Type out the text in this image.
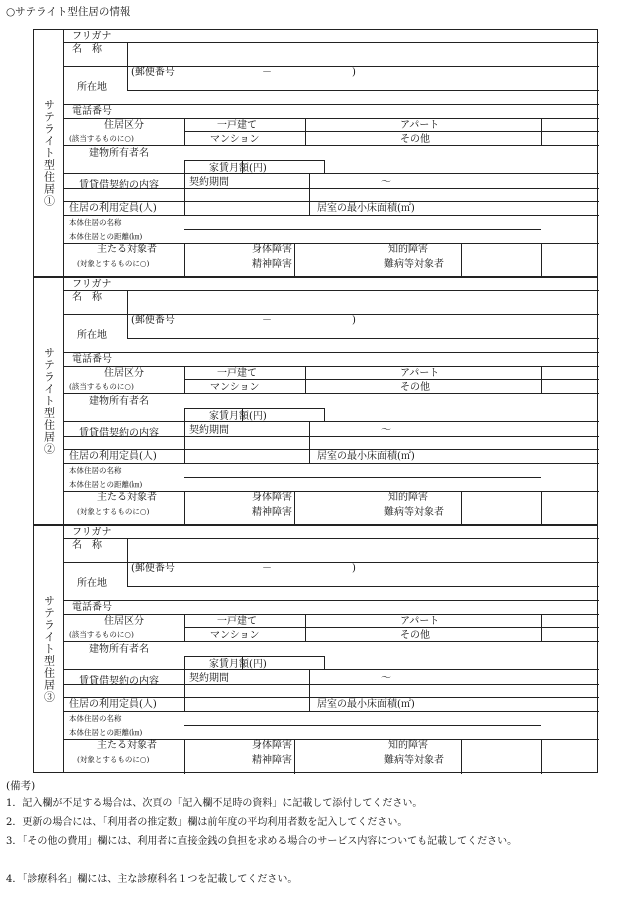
○サテライト型住居の情報
サテライト型住居①
フリガナ
名　称
(郵便番号	－	)
所在地
電話番号
住居区分
(該当するものに○)
一戸建て	アパート
マンション	その他
建物所有者名
賃貸借契約の内容
家賃月額(円)
契約期間	～
住居の利用定員(人)	居室の最小床面積(㎡)
本体住居の名称
本体住居との距離(㎞)
主たる対象者
(対象とするものに○)
身体障害	知的障害
精神障害	難病等対象者
サテライト型住居②
フリガナ
名　称
(郵便番号	－	)
所在地
電話番号
住居区分
(該当するものに○)
一戸建て	アパート
マンション	その他
建物所有者名
賃貸借契約の内容
家賃月額(円)
契約期間	～
住居の利用定員(人)	居室の最小床面積(㎡)
本体住居の名称
本体住居との距離(㎞)
主たる対象者
(対象とするものに○)
身体障害	知的障害
精神障害	難病等対象者
サテライト型住居③
フリガナ
名　称
(郵便番号	－	)
所在地
電話番号
住居区分
(該当するものに○)
一戸建て	アパート
マンション	その他
建物所有者名
賃貸借契約の内容
家賃月額(円)
契約期間	～
住居の利用定員(人)	居室の最小床面積(㎡)
本体住居の名称
本体住居との距離(㎞)
主たる対象者
(対象とするものに○)
身体障害	知的障害
精神障害	難病等対象者
(備考)
1．記入欄が不足する場合は、次頁の「記入欄不足時の資料」に記載して添付してください。
2．更新の場合には、「利用者の推定数」欄は前年度の平均利用者数を記入してください。
3．「その他の費用」欄には、利用者に直接金銭の負担を求める場合のサービス内容についても記載してください。
4．「診療科名」欄には、主な診療科名１つを記載してください。
